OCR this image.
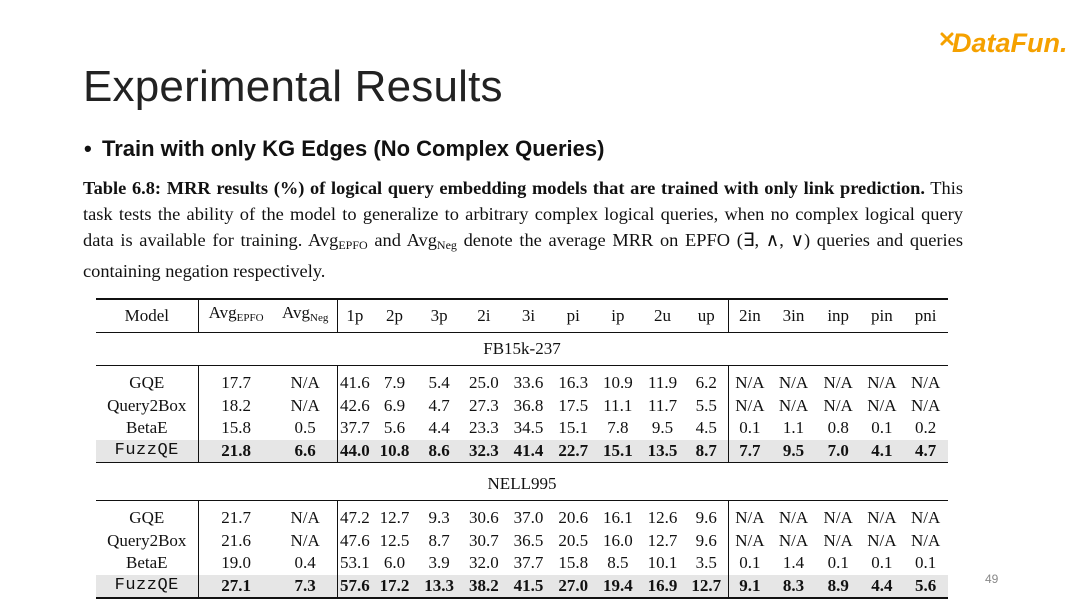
DataFun.
Experimental Results
• Train with only KG Edges (No Complex Queries)
Table 6.8: MRR results (%) of logical query embedding models that are trained with only link prediction. This task tests the ability of the model to generalize to arbitrary complex logical queries, when no complex logical query data is available for training. Avg$_{EPFO}$ and Avg$_{Neg}$ denote the average MRR on EPFO (∃, ∧, ∨) queries and queries containing negation respectively.
Model	Avg$_{EPFO}$	Avg$_{Neg}$	1p	2p	3p	2i	3i	pi	ip	2u	up	2in	3in	inp	pin	pni
FB15k-237																
GQE	17.7	N/A	41.6	7.9	5.4	25.0	33.6	16.3	10.9	11.9	6.2	N/A	N/A	N/A	N/A	N/A
Query2Box	18.2	N/A	42.6	6.9	4.7	27.3	36.8	17.5	11.1	11.7	5.5	N/A	N/A	N/A	N/A	N/A
BetaE	15.8	0.5	37.7	5.6	4.4	23.3	34.5	15.1	7.8	9.5	4.5	0.1	1.1	0.8	0.1	0.2
FuzzQE	21.8	6.6	44.0	10.8	8.6	32.3	41.4	22.7	15.1	13.5	8.7	7.7	9.5	7.0	4.1	4.7

NELL995																
GQE	21.7	N/A	47.2	12.7	9.3	30.6	37.0	20.6	16.1	12.6	9.6	N/A	N/A	N/A	N/A	N/A
Query2Box	21.6	N/A	47.6	12.5	8.7	30.7	36.5	20.5	16.0	12.7	9.6	N/A	N/A	N/A	N/A	N/A
BetaE	19.0	0.4	53.1	6.0	3.9	32.0	37.7	15.8	8.5	10.1	3.5	0.1	1.4	0.1	0.1	0.1
FuzzQE	27.1	7.3	57.6	17.2	13.3	38.2	41.5	27.0	19.4	16.9	12.7	9.1	8.3	8.9	4.4	5.6	49
